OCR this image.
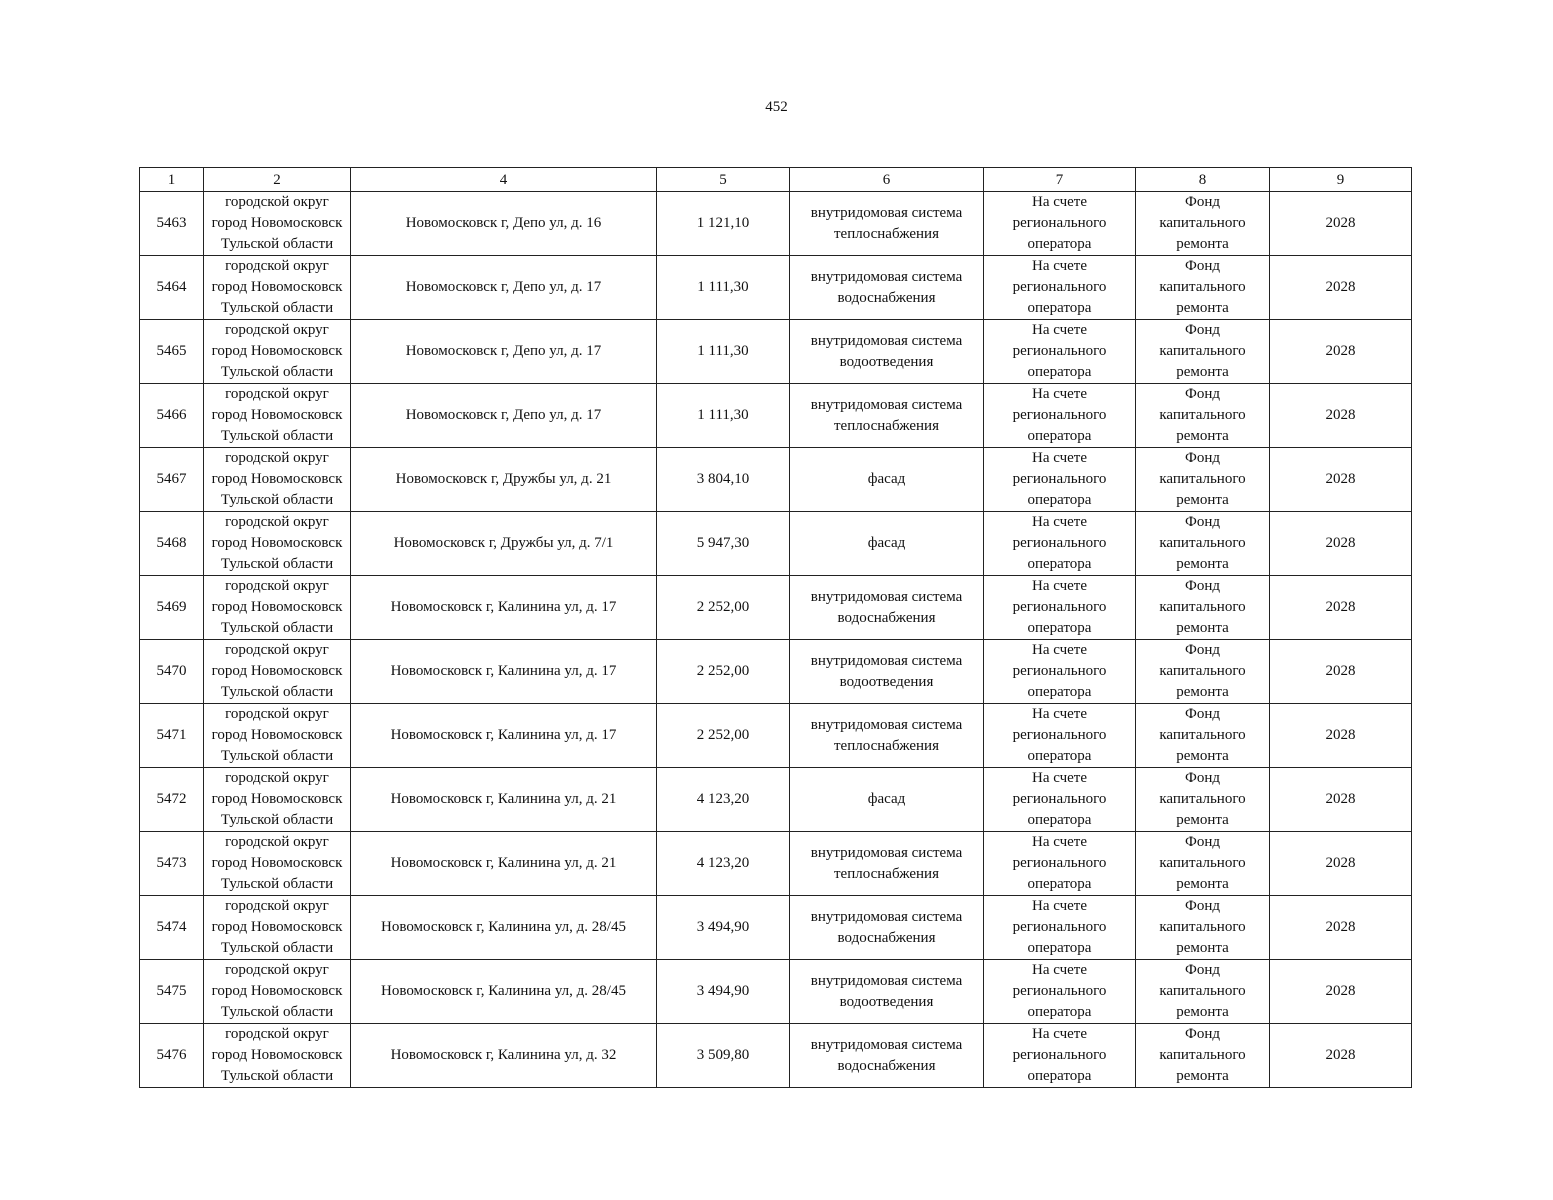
452
1	2	4	5	6	7	8	9
5463	городской округ
город Новомосковск
Тульской области	Новомосковск г, Депо ул, д. 16	1 121,10	внутридомовая система
теплоснабжения	На счете
регионального
оператора	Фонд
капитального
ремонта	2028
5464	городской округ
город Новомосковск
Тульской области	Новомосковск г, Депо ул, д. 17	1 111,30	внутридомовая система
водоснабжения	На счете
регионального
оператора	Фонд
капитального
ремонта	2028
5465	городской округ
город Новомосковск
Тульской области	Новомосковск г, Депо ул, д. 17	1 111,30	внутридомовая система
водоотведения	На счете
регионального
оператора	Фонд
капитального
ремонта	2028
5466	городской округ
город Новомосковск
Тульской области	Новомосковск г, Депо ул, д. 17	1 111,30	внутридомовая система
теплоснабжения	На счете
регионального
оператора	Фонд
капитального
ремонта	2028
5467	городской округ
город Новомосковск
Тульской области	Новомосковск г, Дружбы ул, д. 21	3 804,10	фасад	На счете
регионального
оператора	Фонд
капитального
ремонта	2028
5468	городской округ
город Новомосковск
Тульской области	Новомосковск г, Дружбы ул, д. 7/1	5 947,30	фасад	На счете
регионального
оператора	Фонд
капитального
ремонта	2028
5469	городской округ
город Новомосковск
Тульской области	Новомосковск г, Калинина ул, д. 17	2 252,00	внутридомовая система
водоснабжения	На счете
регионального
оператора	Фонд
капитального
ремонта	2028
5470	городской округ
город Новомосковск
Тульской области	Новомосковск г, Калинина ул, д. 17	2 252,00	внутридомовая система
водоотведения	На счете
регионального
оператора	Фонд
капитального
ремонта	2028
5471	городской округ
город Новомосковск
Тульской области	Новомосковск г, Калинина ул, д. 17	2 252,00	внутридомовая система
теплоснабжения	На счете
регионального
оператора	Фонд
капитального
ремонта	2028
5472	городской округ
город Новомосковск
Тульской области	Новомосковск г, Калинина ул, д. 21	4 123,20	фасад	На счете
регионального
оператора	Фонд
капитального
ремонта	2028
5473	городской округ
город Новомосковск
Тульской области	Новомосковск г, Калинина ул, д. 21	4 123,20	внутридомовая система
теплоснабжения	На счете
регионального
оператора	Фонд
капитального
ремонта	2028
5474	городской округ
город Новомосковск
Тульской области	Новомосковск г, Калинина ул, д. 28/45	3 494,90	внутридомовая система
водоснабжения	На счете
регионального
оператора	Фонд
капитального
ремонта	2028
5475	городской округ
город Новомосковск
Тульской области	Новомосковск г, Калинина ул, д. 28/45	3 494,90	внутридомовая система
водоотведения	На счете
регионального
оператора	Фонд
капитального
ремонта	2028
5476	городской округ
город Новомосковск
Тульской области	Новомосковск г, Калинина ул, д. 32	3 509,80	внутридомовая система
водоснабжения	На счете
регионального
оператора	Фонд
капитального
ремонта	2028
